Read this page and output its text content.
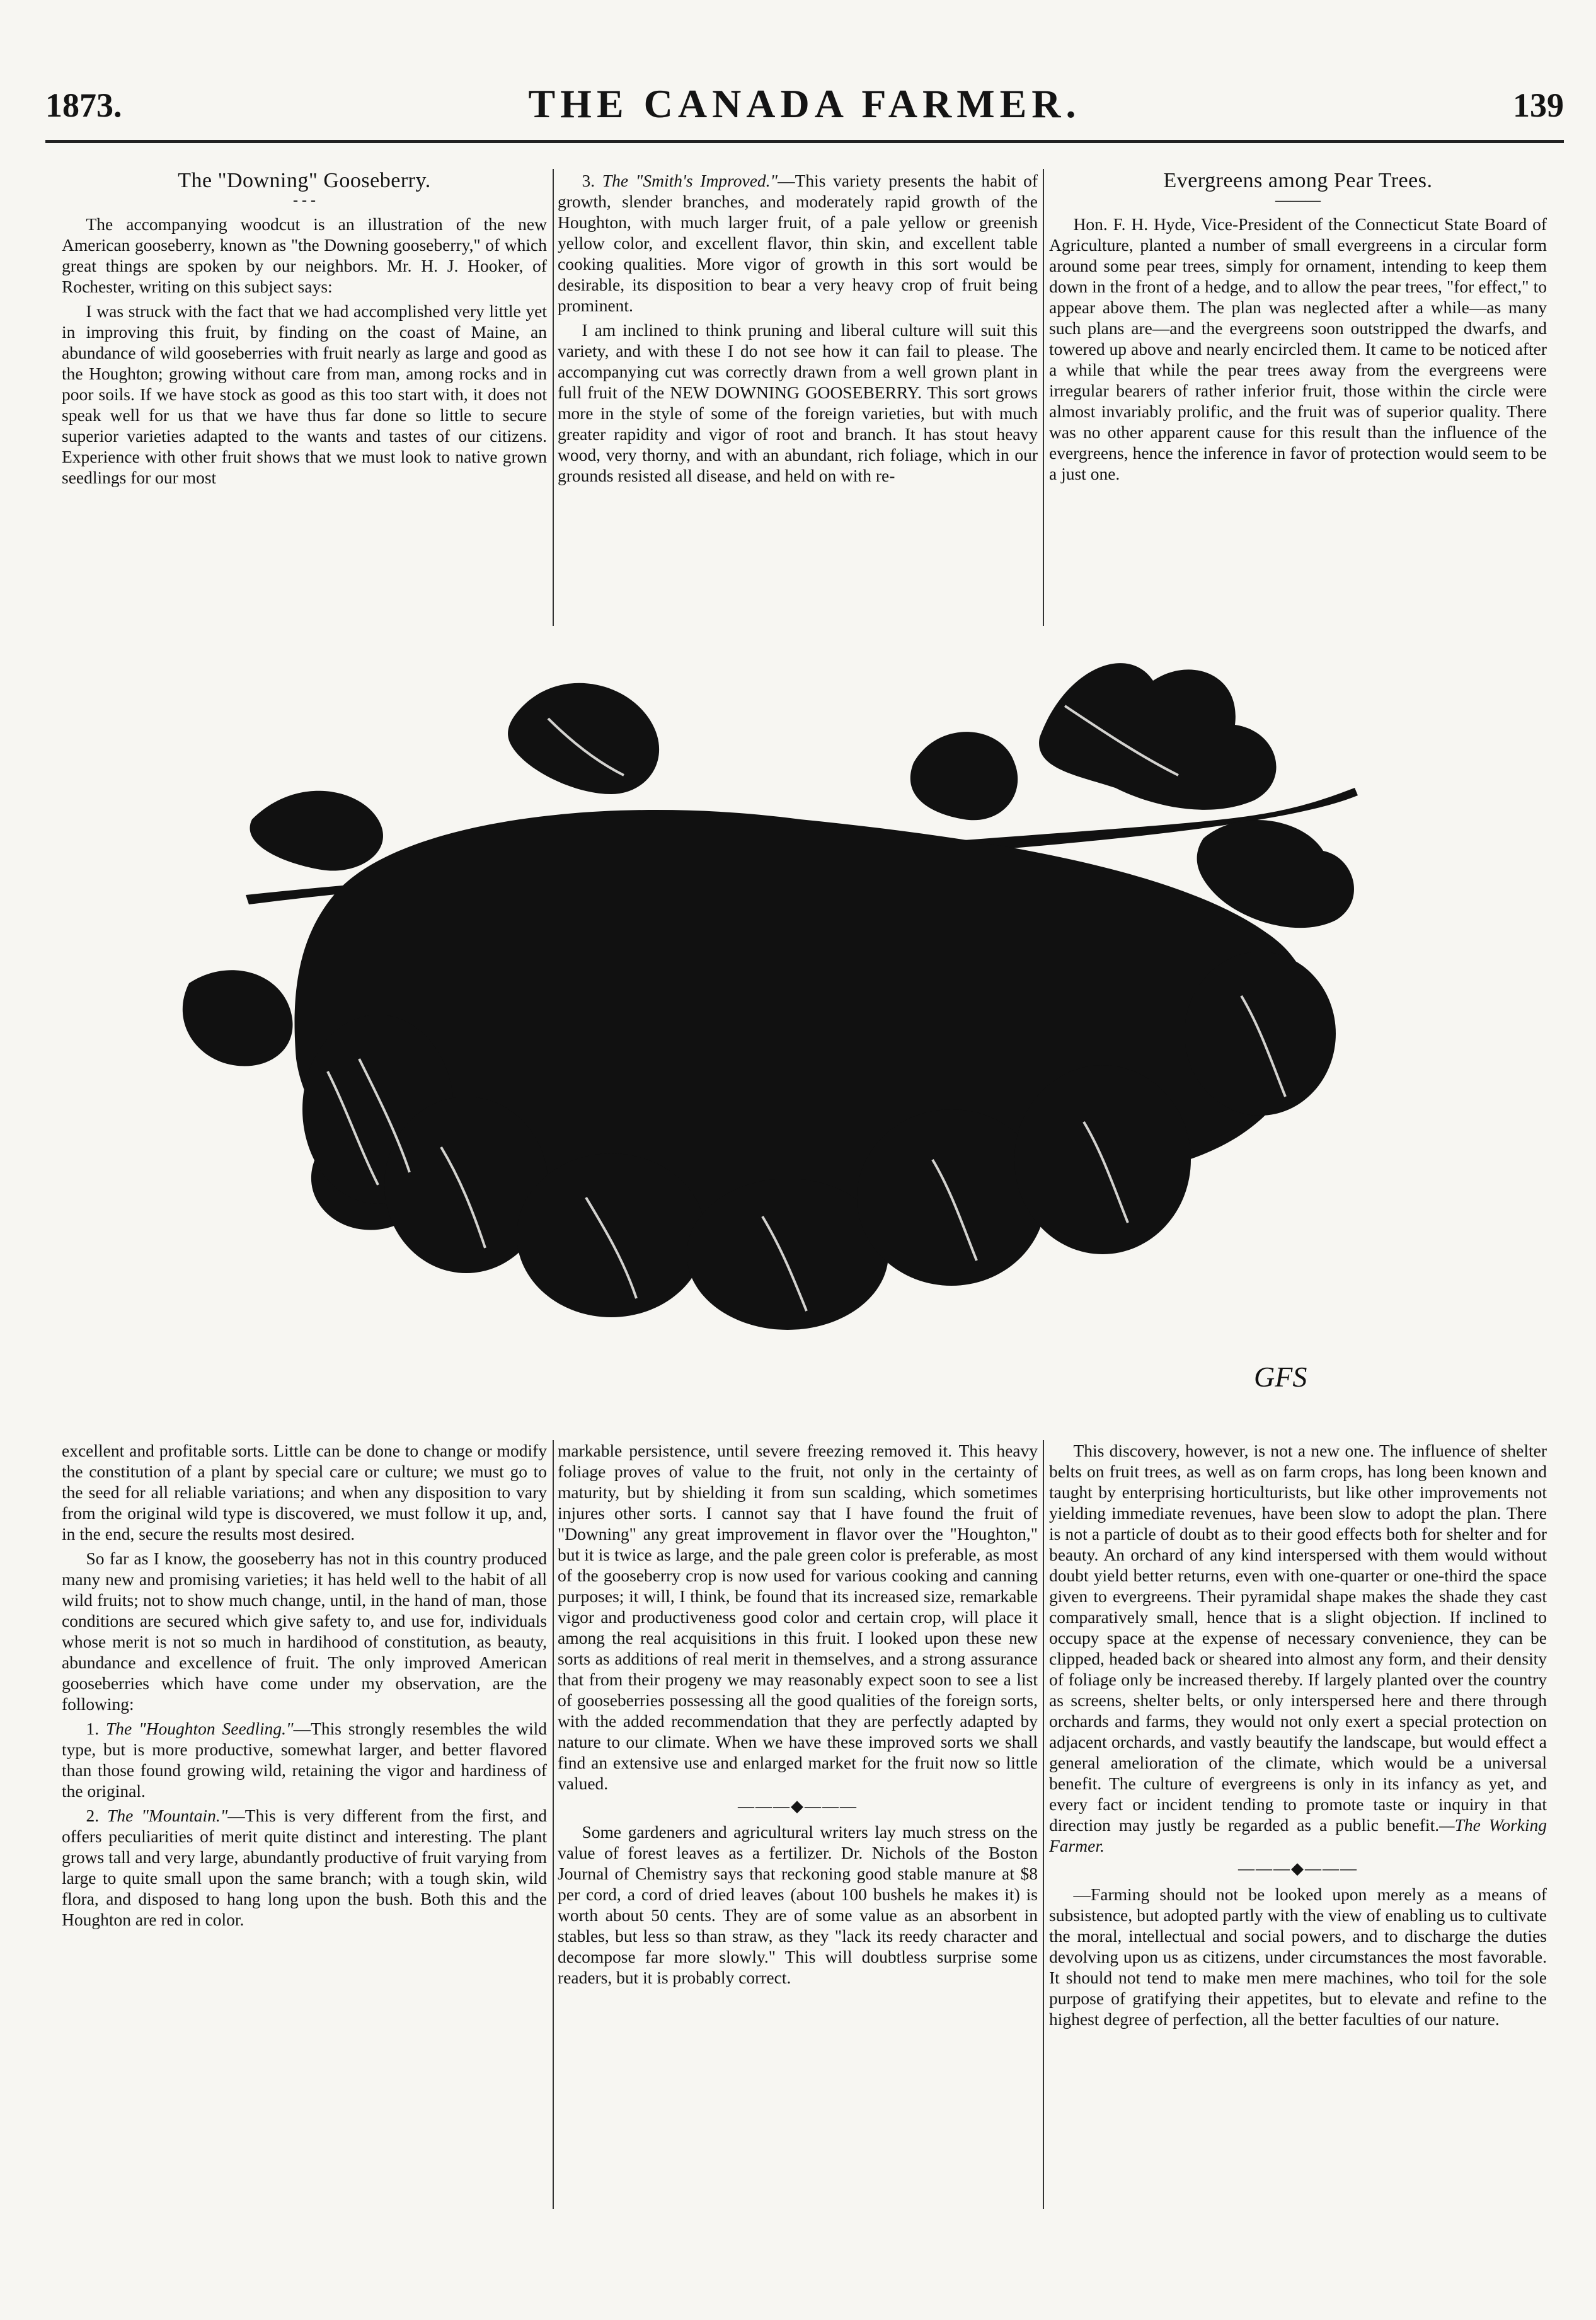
1873.	THE CANADA FARMER.	139
The "Downing" Gooseberry.
- - -

The accompanying woodcut is an illustration of the new American gooseberry, known as "the Downing gooseberry," of which great things are spoken by our neighbors. Mr. H. J. Hooker, of Rochester, writing on this subject says:

I was struck with the fact that we had accomplished very little yet in improving this fruit, by finding on the coast of Maine, an abundance of wild gooseberries with fruit nearly as large and good as the Houghton; growing without care from man, among rocks and in poor soils. If we have stock as good as this too start with, it does not speak well for us that we have thus far done so little to secure superior varieties adapted to the wants and tastes of our citizens. Experience with other fruit shows that we must look to native grown seedlings for our most

3. The "Smith's Improved."—This variety presents the habit of growth, slender branches, and moderately rapid growth of the Houghton, with much larger fruit, of a pale yellow or greenish yellow color, and excellent flavor, thin skin, and excellent table cooking qualities. More vigor of growth in this sort would be desirable, its disposition to bear a very heavy crop of fruit being prominent.

I am inclined to think pruning and liberal culture will suit this variety, and with these I do not see how it can fail to please. The accompanying cut was correctly drawn from a well grown plant in full fruit of the NEW DOWNING GOOSEBERRY. This sort grows more in the style of some of the foreign varieties, but with much greater rapidity and vigor of root and branch. It has stout heavy wood, very thorny, and with an abundant, rich foliage, which in our grounds resisted all disease, and held on with re-

Evergreens among Pear Trees.
———

Hon. F. H. Hyde, Vice-President of the Connecticut State Board of Agriculture, planted a number of small evergreens in a circular form around some pear trees, simply for ornament, intending to keep them down in the front of a hedge, and to allow the pear trees, "for effect," to appear above them. The plan was neglected after a while—as many such plans are—and the evergreens soon outstripped the dwarfs, and towered up above and nearly encircled them. It came to be noticed after a while that while the pear trees away from the evergreens were irregular bearers of rather inferior fruit, those within the circle were almost invariably prolific, and the fruit was of superior quality. There was no other apparent cause for this result than the influence of the evergreens, hence the inference in favor of protection would seem to be a just one.

GFS

excellent and profitable sorts. Little can be done to change or modify the constitution of a plant by special care or culture; we must go to the seed for all reliable variations; and when any disposition to vary from the original wild type is discovered, we must follow it up, and, in the end, secure the results most desired.

So far as I know, the gooseberry has not in this country produced many new and promising varieties; it has held well to the habit of all wild fruits; not to show much change, until, in the hand of man, those conditions are secured which give safety to, and use for, individuals whose merit is not so much in hardihood of constitution, as beauty, abundance and excellence of fruit. The only improved American gooseberries which have come under my observation, are the following:

1. The "Houghton Seedling."—This strongly resembles the wild type, but is more productive, somewhat larger, and better flavored than those found growing wild, retaining the vigor and hardiness of the original.

2. The "Mountain."—This is very different from the first, and offers peculiarities of merit quite distinct and interesting. The plant grows tall and very large, abundantly productive of fruit varying from large to quite small upon the same branch; with a tough skin, wild flora, and disposed to hang long upon the bush. Both this and the Houghton are red in color.

markable persistence, until severe freezing removed it. This heavy foliage proves of value to the fruit, not only in the certainty of maturity, but by shielding it from sun scalding, which sometimes injures other sorts. I cannot say that I have found the fruit of "Downing" any great improvement in flavor over the "Houghton," but it is twice as large, and the pale green color is preferable, as most of the gooseberry crop is now used for various cooking and canning purposes; it will, I think, be found that its increased size, remarkable vigor and productiveness good color and certain crop, will place it among the real acquisitions in this fruit. I looked upon these new sorts as additions of real merit in themselves, and a strong assurance that from their progeny we may reasonably expect soon to see a list of gooseberries possessing all the good qualities of the foreign sorts, with the added recommendation that they are perfectly adapted by nature to our climate. When we have these improved sorts we shall find an extensive use and enlarged market for the fruit now so little valued.

———◆———

Some gardeners and agricultural writers lay much stress on the value of forest leaves as a fertilizer. Dr. Nichols of the Boston Journal of Chemistry says that reckoning good stable manure at $8 per cord, a cord of dried leaves (about 100 bushels he makes it) is worth about 50 cents. They are of some value as an absorbent in stables, but less so than straw, as they "lack its reedy character and decompose far more slowly." This will doubtless surprise some readers, but it is probably correct.

This discovery, however, is not a new one. The influence of shelter belts on fruit trees, as well as on farm crops, has long been known and taught by enterprising horticulturists, but like other improvements not yielding immediate revenues, have been slow to adopt the plan. There is not a particle of doubt as to their good effects both for shelter and for beauty. An orchard of any kind interspersed with them would without doubt yield better returns, even with one-quarter or one-third the space given to evergreens. Their pyramidal shape makes the shade they cast comparatively small, hence that is a slight objection. If inclined to occupy space at the expense of necessary convenience, they can be clipped, headed back or sheared into almost any form, and their density of foliage only be increased thereby. If largely planted over the country as screens, shelter belts, or only interspersed here and there through orchards and farms, they would not only exert a special protection on adjacent orchards, and vastly beautify the landscape, but would effect a general amelioration of the climate, which would be a universal benefit. The culture of evergreens is only in its infancy as yet, and every fact or incident tending to promote taste or inquiry in that direction may justly be regarded as a public benefit.—The Working Farmer.

———◆———

—Farming should not be looked upon merely as a means of subsistence, but adopted partly with the view of enabling us to cultivate the moral, intellectual and social powers, and to discharge the duties devolving upon us as citizens, under circumstances the most favorable. It should not tend to make men mere machines, who toil for the sole purpose of gratifying their appetites, but to elevate and refine to the highest degree of perfection, all the better faculties of our nature.
